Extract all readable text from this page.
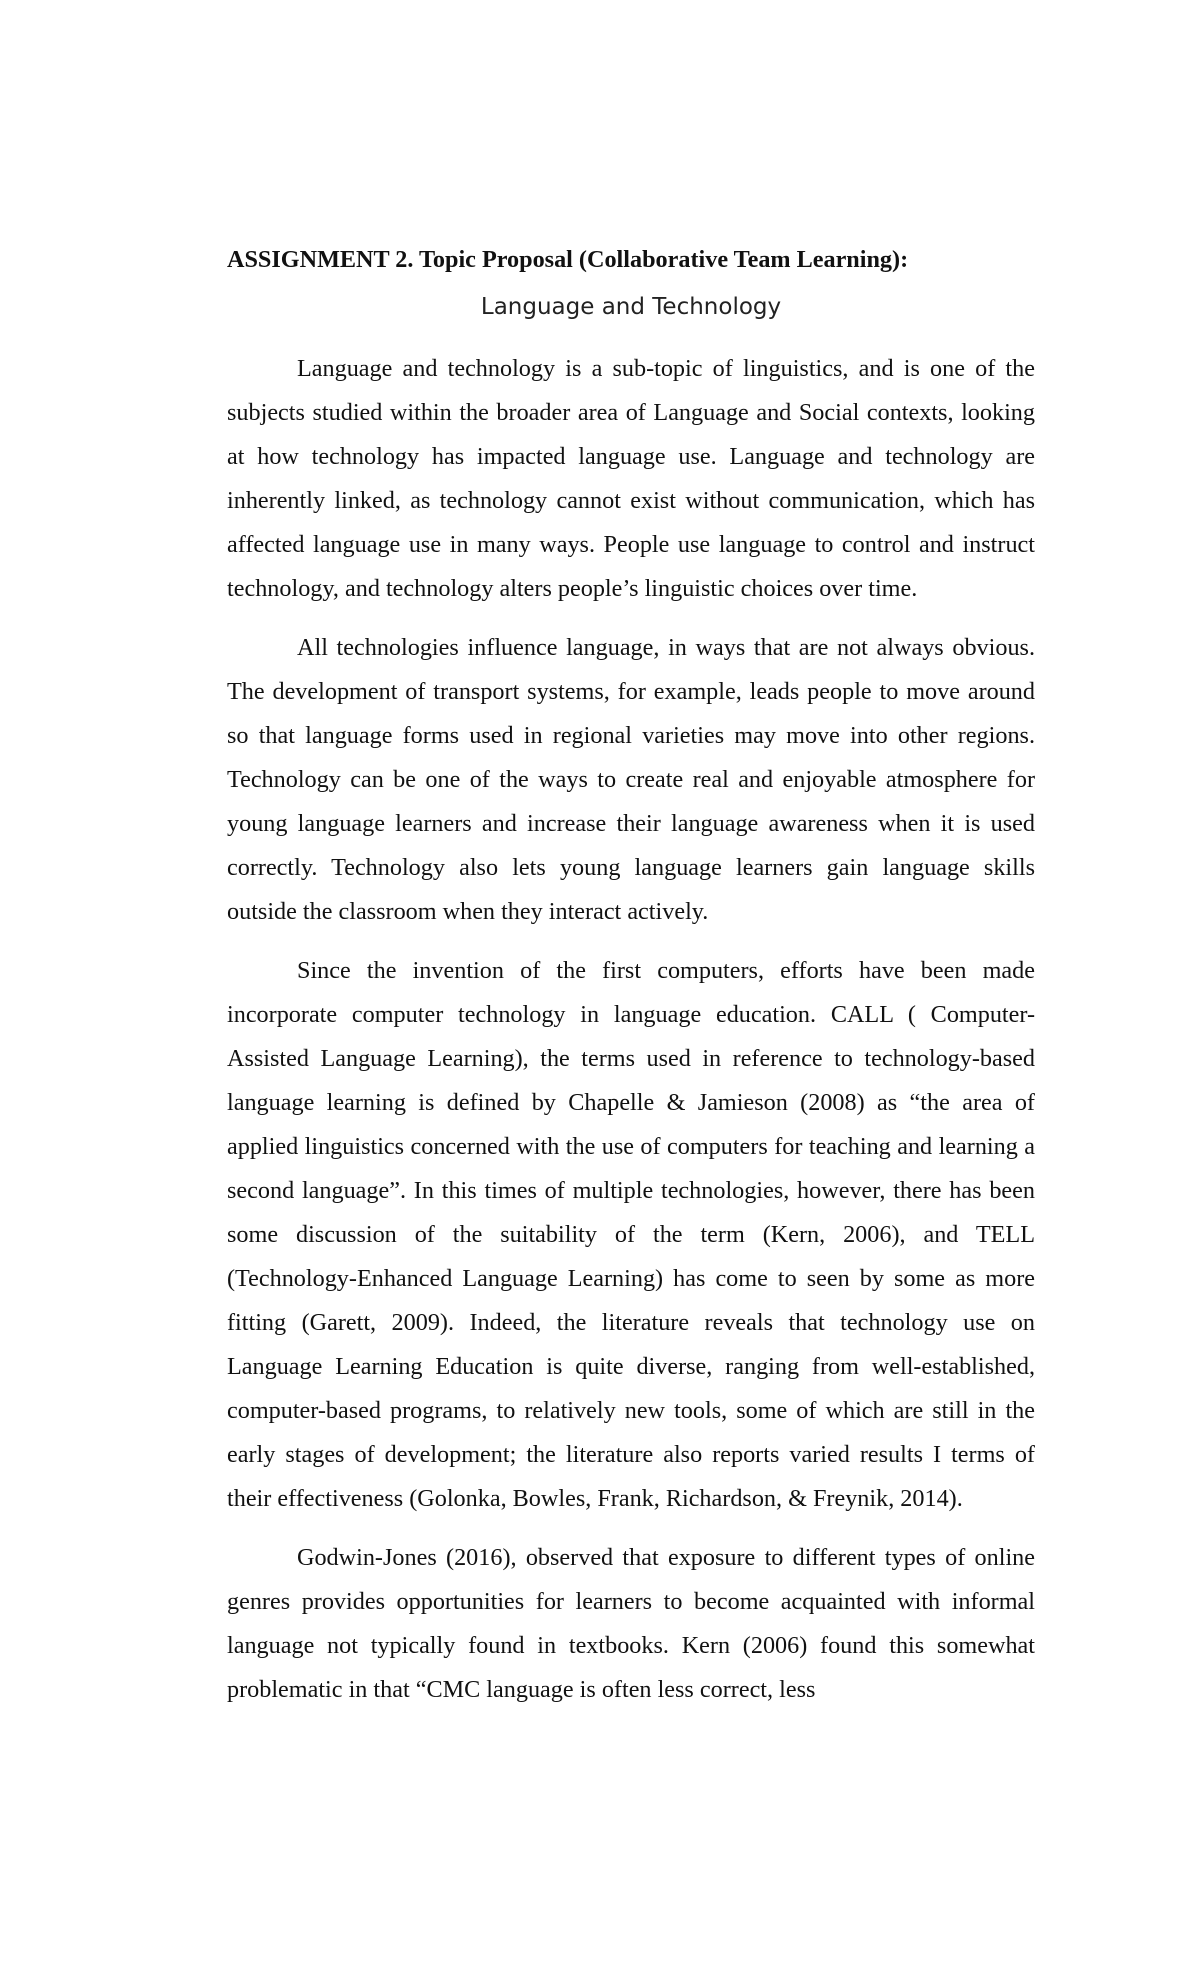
ASSIGNMENT 2. Topic Proposal (Collaborative Team Learning):

Language and Technology

Language and technology is a sub-topic of linguistics, and is one of the subjects studied within the broader area of Language and Social contexts, looking at how technology has impacted language use. Language and technology are inherently linked, as technology cannot exist without communication, which has affected language use in many ways. People use language to control and instruct technology, and technology alters people’s linguistic choices over time.

All technologies influence language, in ways that are not always obvious. The development of transport systems, for example, leads people to move around so that language forms used in regional varieties may move into other regions. Technology can be one of the ways to create real and enjoyable atmosphere for young language learners and increase their language awareness when it is used correctly. Technology also lets young language learners gain language skills outside the classroom when they interact actively.

Since the invention of the first computers, efforts have been made incorporate computer technology in language education. CALL ( Computer-Assisted Language Learning), the terms used in reference to technology-based language learning is defined by Chapelle & Jamieson (2008) as “the area of applied linguistics concerned with the use of computers for teaching and learning a second language”. In this times of multiple technologies, however, there has been some discussion of the suitability of the term (Kern, 2006), and TELL (Technology-Enhanced Language Learning) has come to seen by some as more fitting (Garett, 2009). Indeed, the literature reveals that technology use on Language Learning Education is quite diverse, ranging from well-established, computer-based programs, to relatively new tools, some of which are still in the early stages of development; the literature also reports varied results I terms of their effectiveness (Golonka, Bowles, Frank, Richardson, & Freynik, 2014).

Godwin-Jones (2016), observed that exposure to different types of online genres provides opportunities for learners to become acquainted with informal language not typically found in textbooks. Kern (2006) found this somewhat problematic in that “CMC language is often less correct, less
